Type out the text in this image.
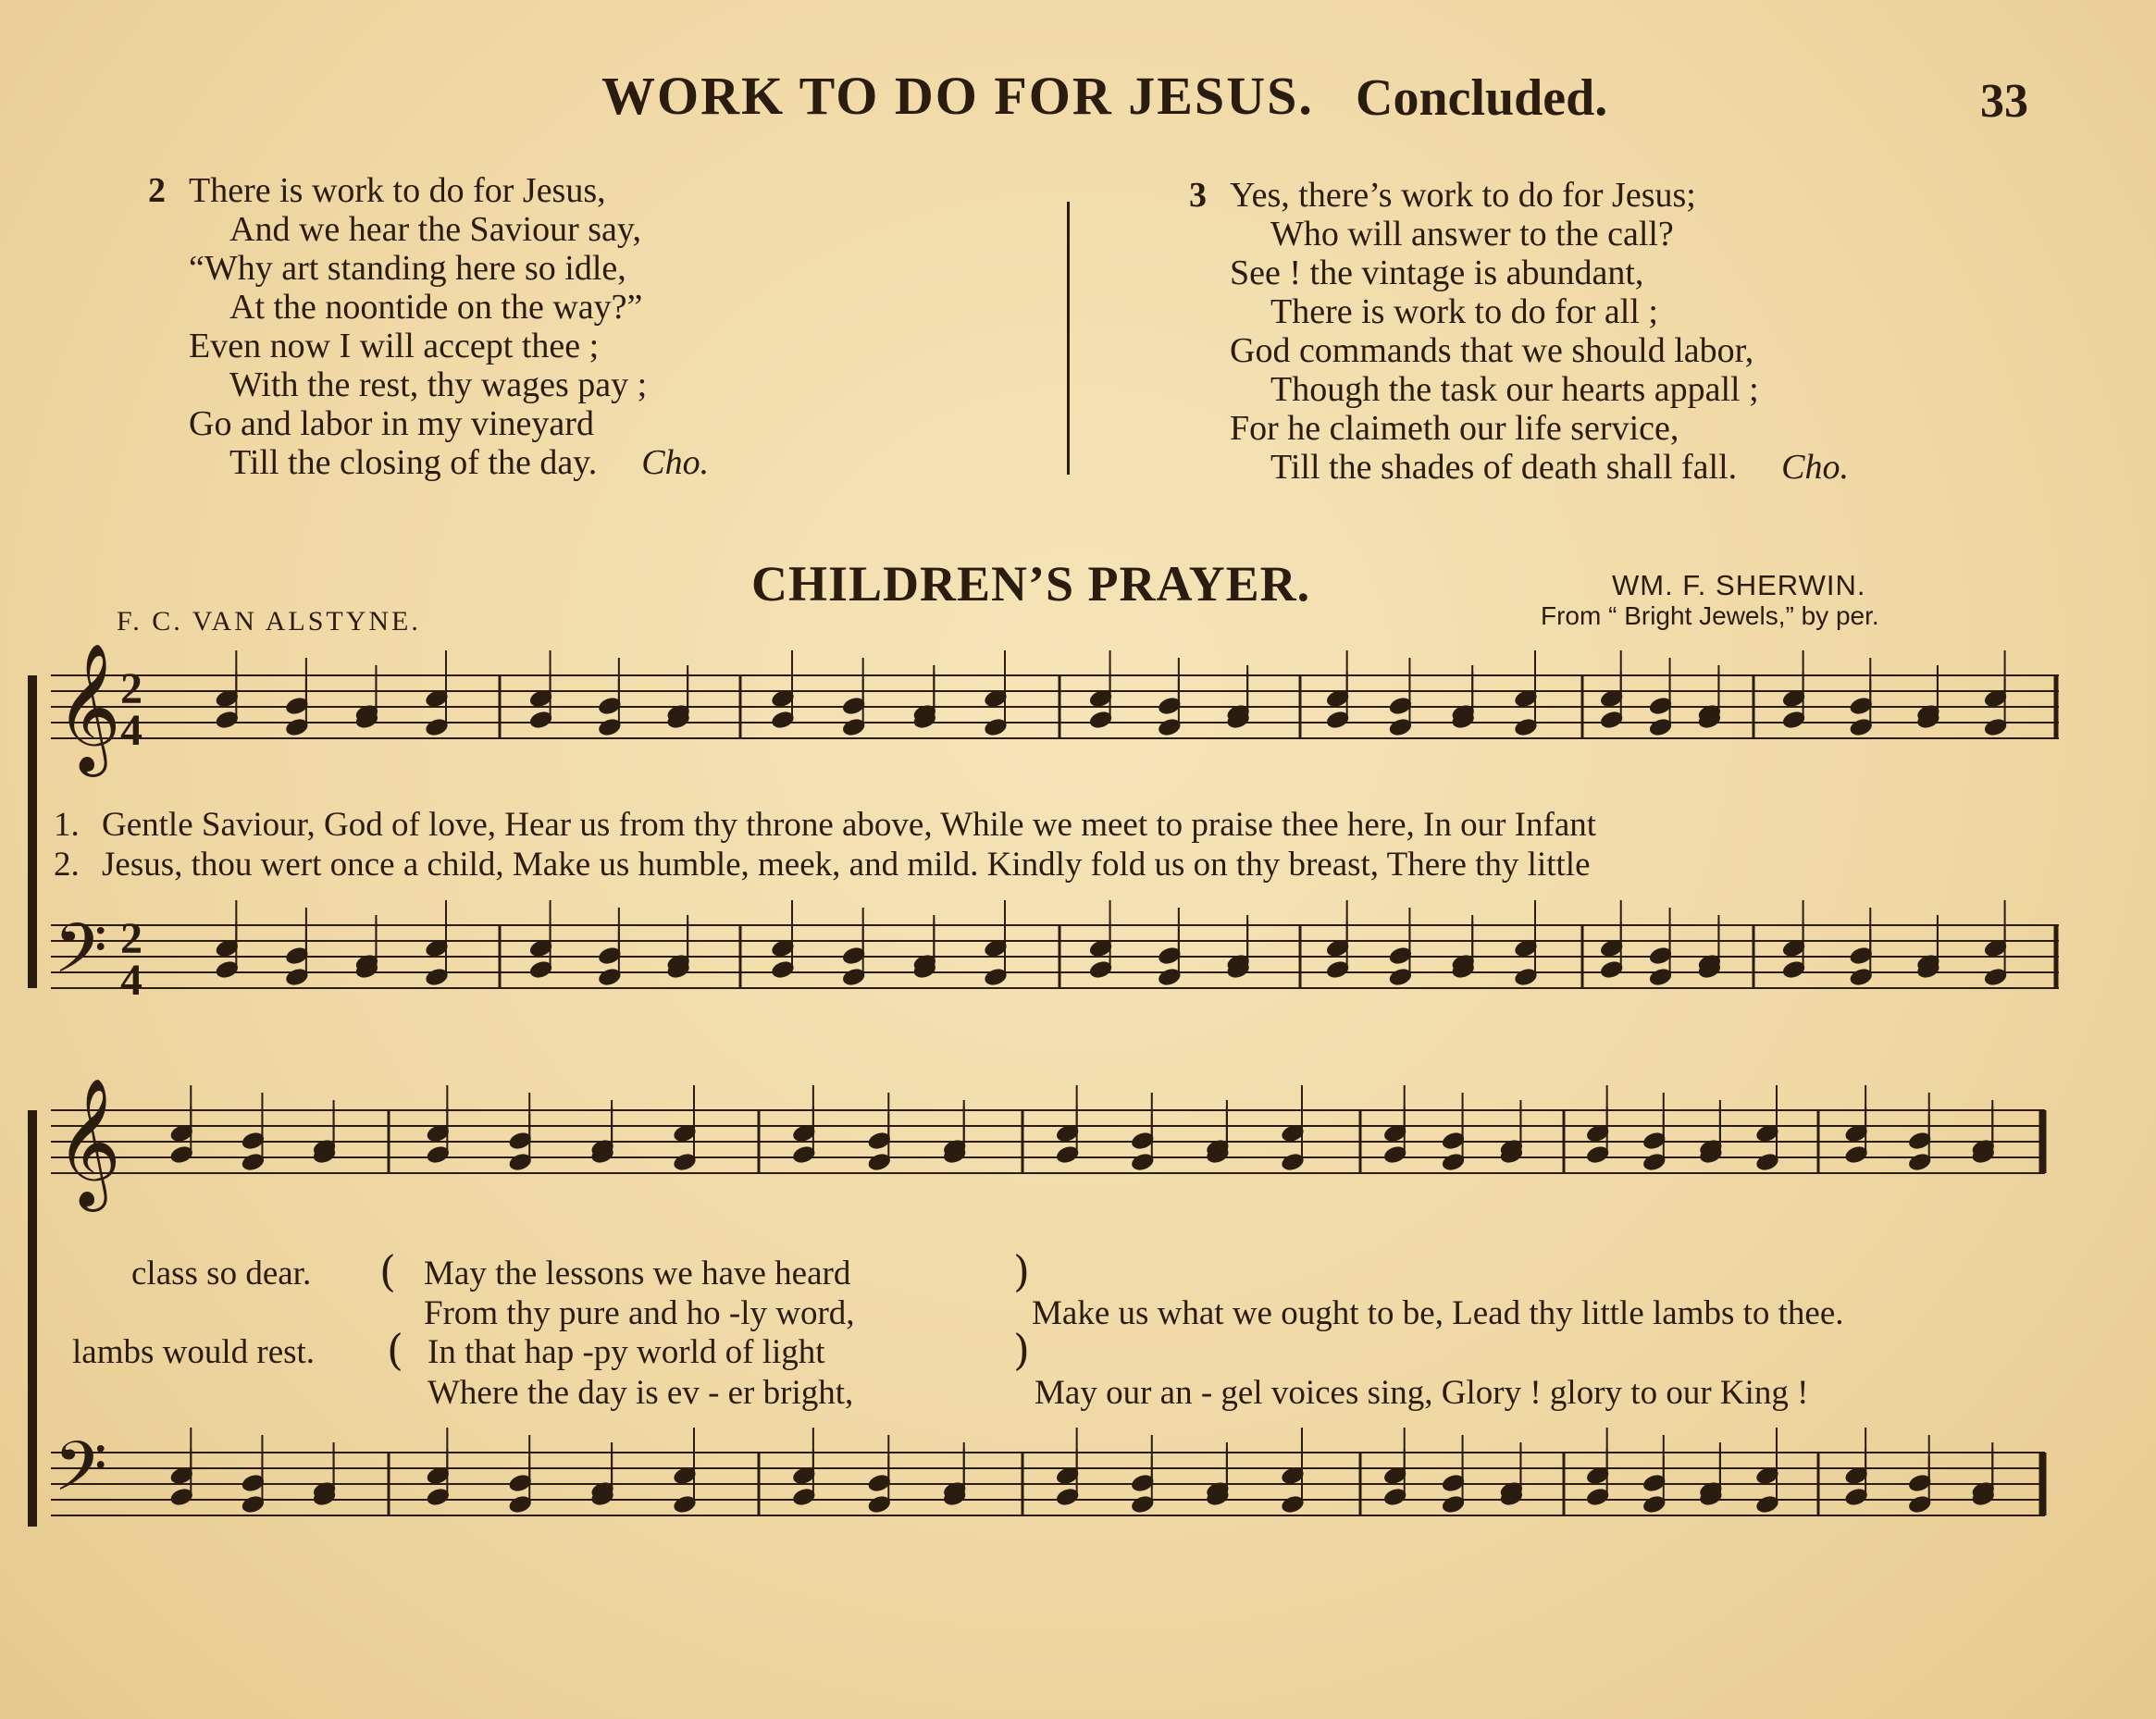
WORK TO DO FOR JESUS. Concluded.	33
2 There is work to do for Jesus,
And we hear the Saviour say,
“Why art standing here so idle,
At the noontide on the way?”
Even now I will accept thee ;
With the rest, thy wages pay ;
Go and labor in my vineyard
Till the closing of the day. Cho.
3 Yes, there’s work to do for Jesus;
Who will answer to the call?
See ! the vintage is abundant,
There is work to do for all ;
God commands that we should labor,
Though the task our hearts appall ;
For he claimeth our life service,
Till the shades of death shall fall. Cho.
CHILDREN’S PRAYER.
F. C. VAN ALSTYNE.
WM. F. SHERWIN.
From “ Bright Jewels,” by per.
𝄞
𝄢
𝄞
𝄢
2
4
2
4
1. Gentle Saviour, God of love, Hear us from thy throne above, While we meet to praise thee here, In our Infant
2. Jesus, thou wert once a child, Make us humble, meek, and mild. Kindly fold us on thy breast, There thy little
class so dear. ( May the lessons we have heard
From thy pure and ho -ly word,
)
Make us what we ought to be, Lead thy little lambs to thee.
lambs would rest. ( In that hap -py world of light
Where the day is ev - er bright,
)
May our an - gel voices sing, Glory ! glory to our King !
